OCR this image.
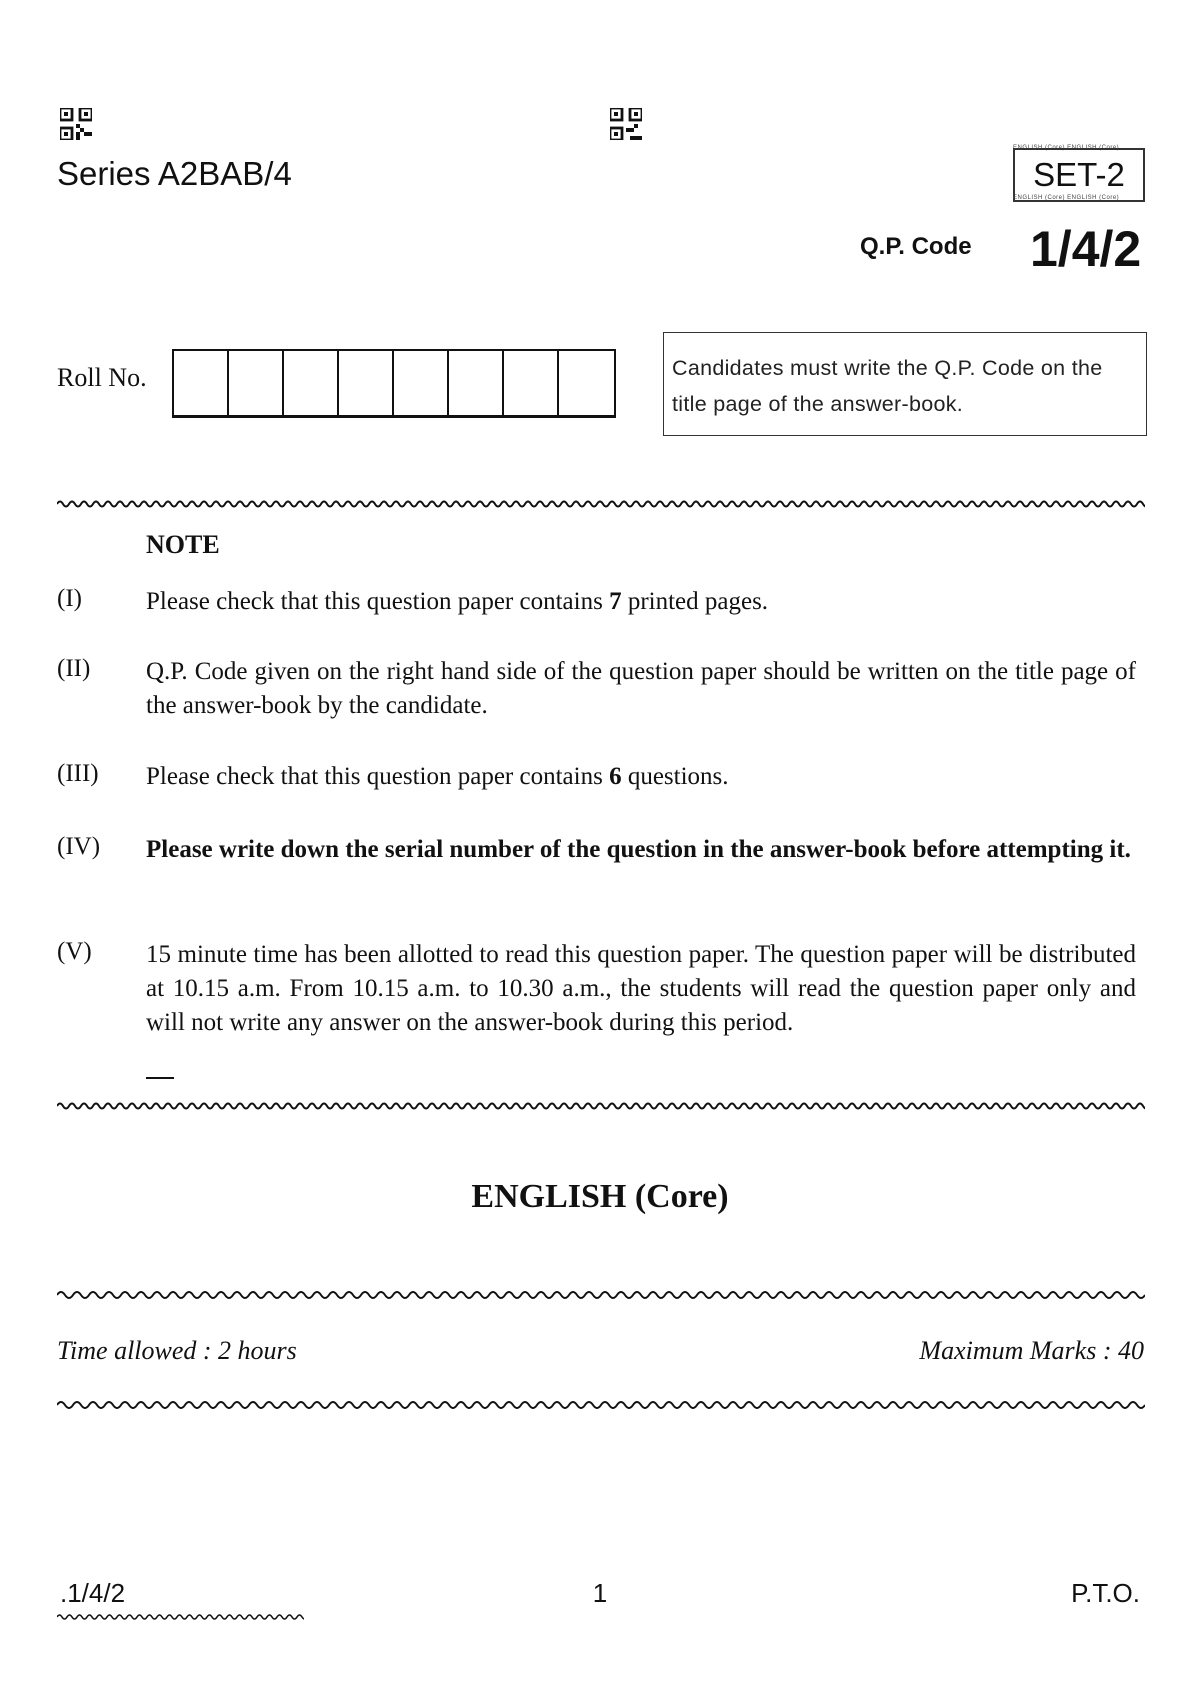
Series A2BAB/4
ENGLISH (Core) ENGLISH (Core)
SET-2
ENGLISH (Core) ENGLISH (Core)
Q.P. Code 1/4/2
Roll No.	Candidates must write the Q.P. Code on the title page of the answer-book.
NOTE
(I)	Please check that this question paper contains 7 printed pages.
(II) Q.P. Code given on the right hand side of the question paper should be written on the title page of the answer-book by the candidate.
(III) Please check that this question paper contains 6 questions.
(IV) Please write down the serial number of the question in the answer-book before attempting it.
(V) 15 minute time has been allotted to read this question paper. The question paper will be distributed at 10.15 a.m. From 10.15 a.m. to 10.30 a.m., the students will read the question paper only and will not write any answer on the answer-book during this period.
ENGLISH (Core)
Time allowed : 2 hours	Maximum Marks : 40
.1/4/2	1	P.T.O.
